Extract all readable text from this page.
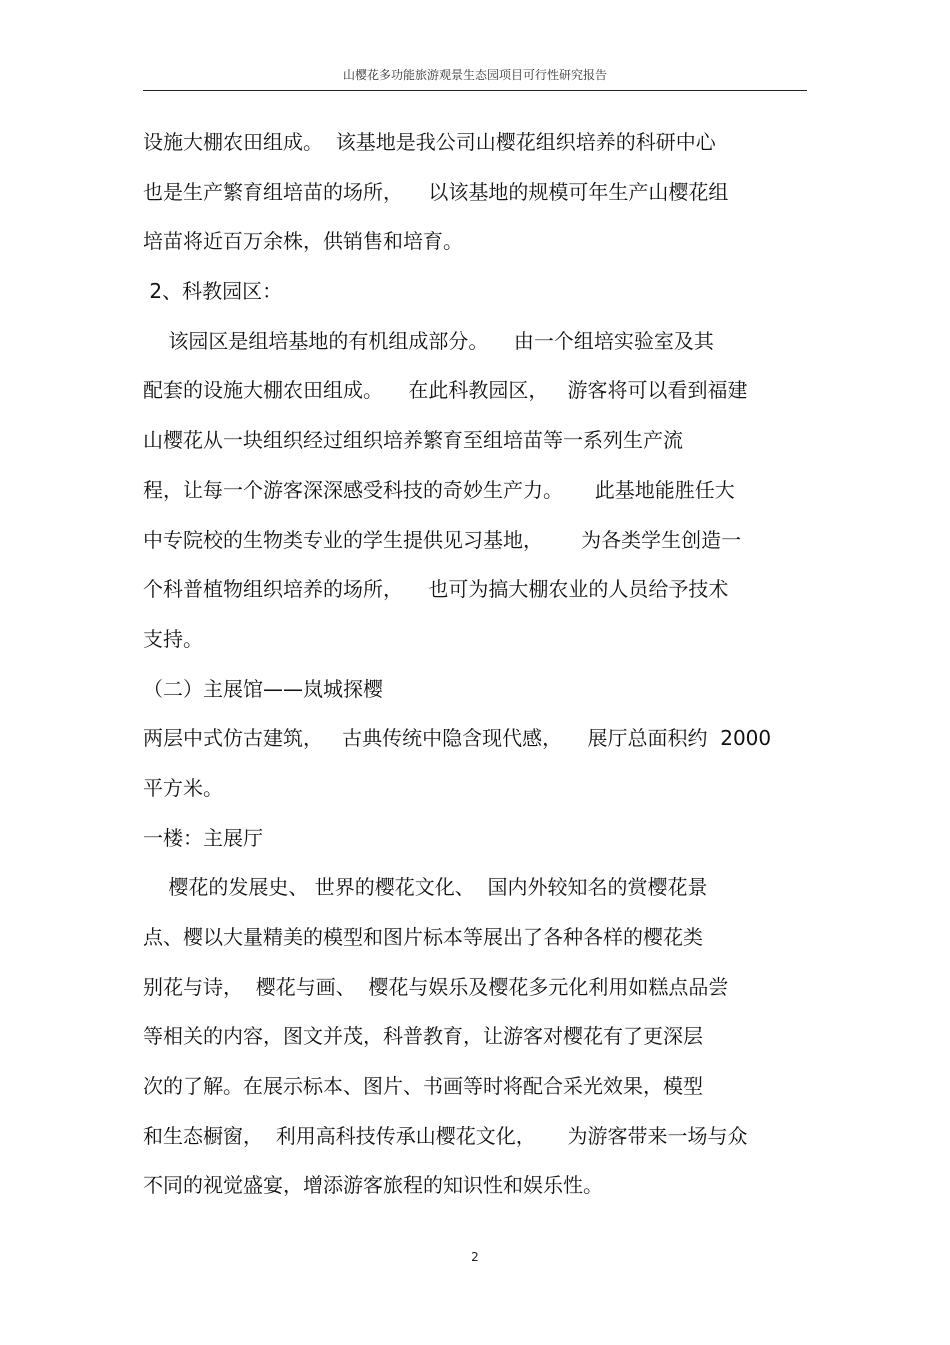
山樱花多功能旅游观景生态园项目可行性研究报告
设施大棚农田组成。  该基地是我公司山樱花组织培养的科研中心
也是生产繁育组培苗的场所，    以该基地的规模可年生产山樱花组
培苗将近百万余株，供销售和培育。
2、科教园区：
该园区是组培基地的有机组成部分。    由一个组培实验室及其
配套的设施大棚农田组成。    在此科教园区，   游客将可以看到福建
山樱花从一块组织经过组织培养繁育至组培苗等一系列生产流
程，让每一个游客深深感受科技的奇妙生产力。     此基地能胜任大
中专院校的生物类专业的学生提供见习基地，      为各类学生创造一
个科普植物组织培养的场所，    也可为搞大棚农业的人员给予技术
支持。
（二）主展馆——岚城探樱
两层中式仿古建筑，   古典传统中隐含现代感，    展厅总面积约  2000
平方米。
一楼：主展厅
樱花的发展史、 世界的樱花文化、  国内外较知名的赏樱花景
点、樱以大量精美的模型和图片标本等展出了各种各样的樱花类
别花与诗，  樱花与画、  樱花与娱乐及樱花多元化利用如糕点品尝
等相关的内容，图文并茂，科普教育，让游客对樱花有了更深层
次的了解。在展示标本、图片、书画等时将配合采光效果，模型
和生态橱窗，  利用高科技传承山樱花文化，     为游客带来一场与众
不同的视觉盛宴，增添游客旅程的知识性和娱乐性。
2
